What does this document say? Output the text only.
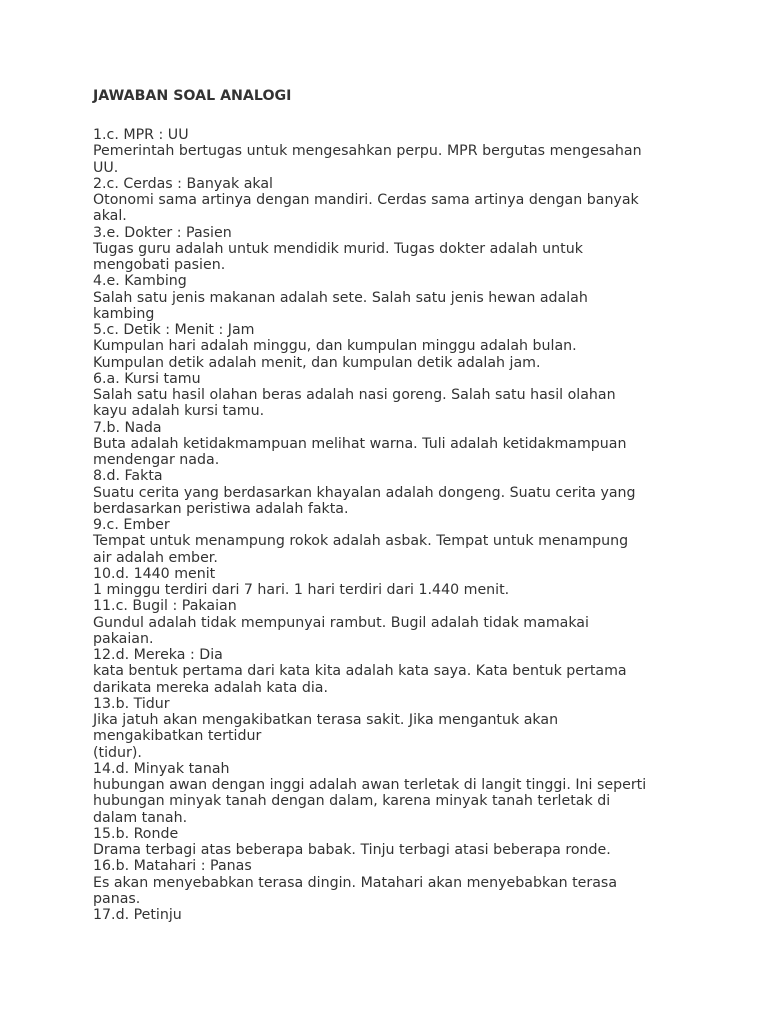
JAWABAN SOAL ANALOGI
1.c. MPR : UU
Pemerintah bertugas untuk mengesahkan perpu. MPR bergutas mengesahan
UU.
2.c. Cerdas : Banyak akal
Otonomi sama artinya dengan mandiri. Cerdas sama artinya dengan banyak
akal.
3.e. Dokter : Pasien
Tugas guru adalah untuk mendidik murid. Tugas dokter adalah untuk
mengobati pasien.
4.e. Kambing
Salah satu jenis makanan adalah sete. Salah satu jenis hewan adalah
kambing
5.c. Detik : Menit : Jam
Kumpulan hari adalah minggu, dan kumpulan minggu adalah bulan.
Kumpulan detik adalah menit, dan kumpulan detik adalah jam.
6.a. Kursi tamu
Salah satu hasil olahan beras adalah nasi goreng. Salah satu hasil olahan
kayu adalah kursi tamu.
7.b. Nada
Buta adalah ketidakmampuan melihat warna. Tuli adalah ketidakmampuan
mendengar nada.
8.d. Fakta
Suatu cerita yang berdasarkan khayalan adalah dongeng. Suatu cerita yang
berdasarkan peristiwa adalah fakta.
9.c. Ember
Tempat untuk menampung rokok adalah asbak. Tempat untuk menampung
air adalah ember.
10.d. 1440 menit
1 minggu terdiri dari 7 hari. 1 hari terdiri dari 1.440 menit.
11.c. Bugil : Pakaian
Gundul adalah tidak mempunyai rambut. Bugil adalah tidak mamakai
pakaian.
12.d. Mereka : Dia
kata bentuk pertama dari kata kita adalah kata saya. Kata bentuk pertama
darikata mereka adalah kata dia.
13.b. Tidur
Jika jatuh akan mengakibatkan terasa sakit. Jika mengantuk akan
mengakibatkan tertidur
(tidur).
14.d. Minyak tanah
hubungan awan dengan inggi adalah awan terletak di langit tinggi. Ini seperti
hubungan minyak tanah dengan dalam, karena minyak tanah terletak di
dalam tanah.
15.b. Ronde
Drama terbagi atas beberapa babak. Tinju terbagi atasi beberapa ronde.
16.b. Matahari : Panas
Es akan menyebabkan terasa dingin. Matahari akan menyebabkan terasa
panas.
17.d. Petinju
